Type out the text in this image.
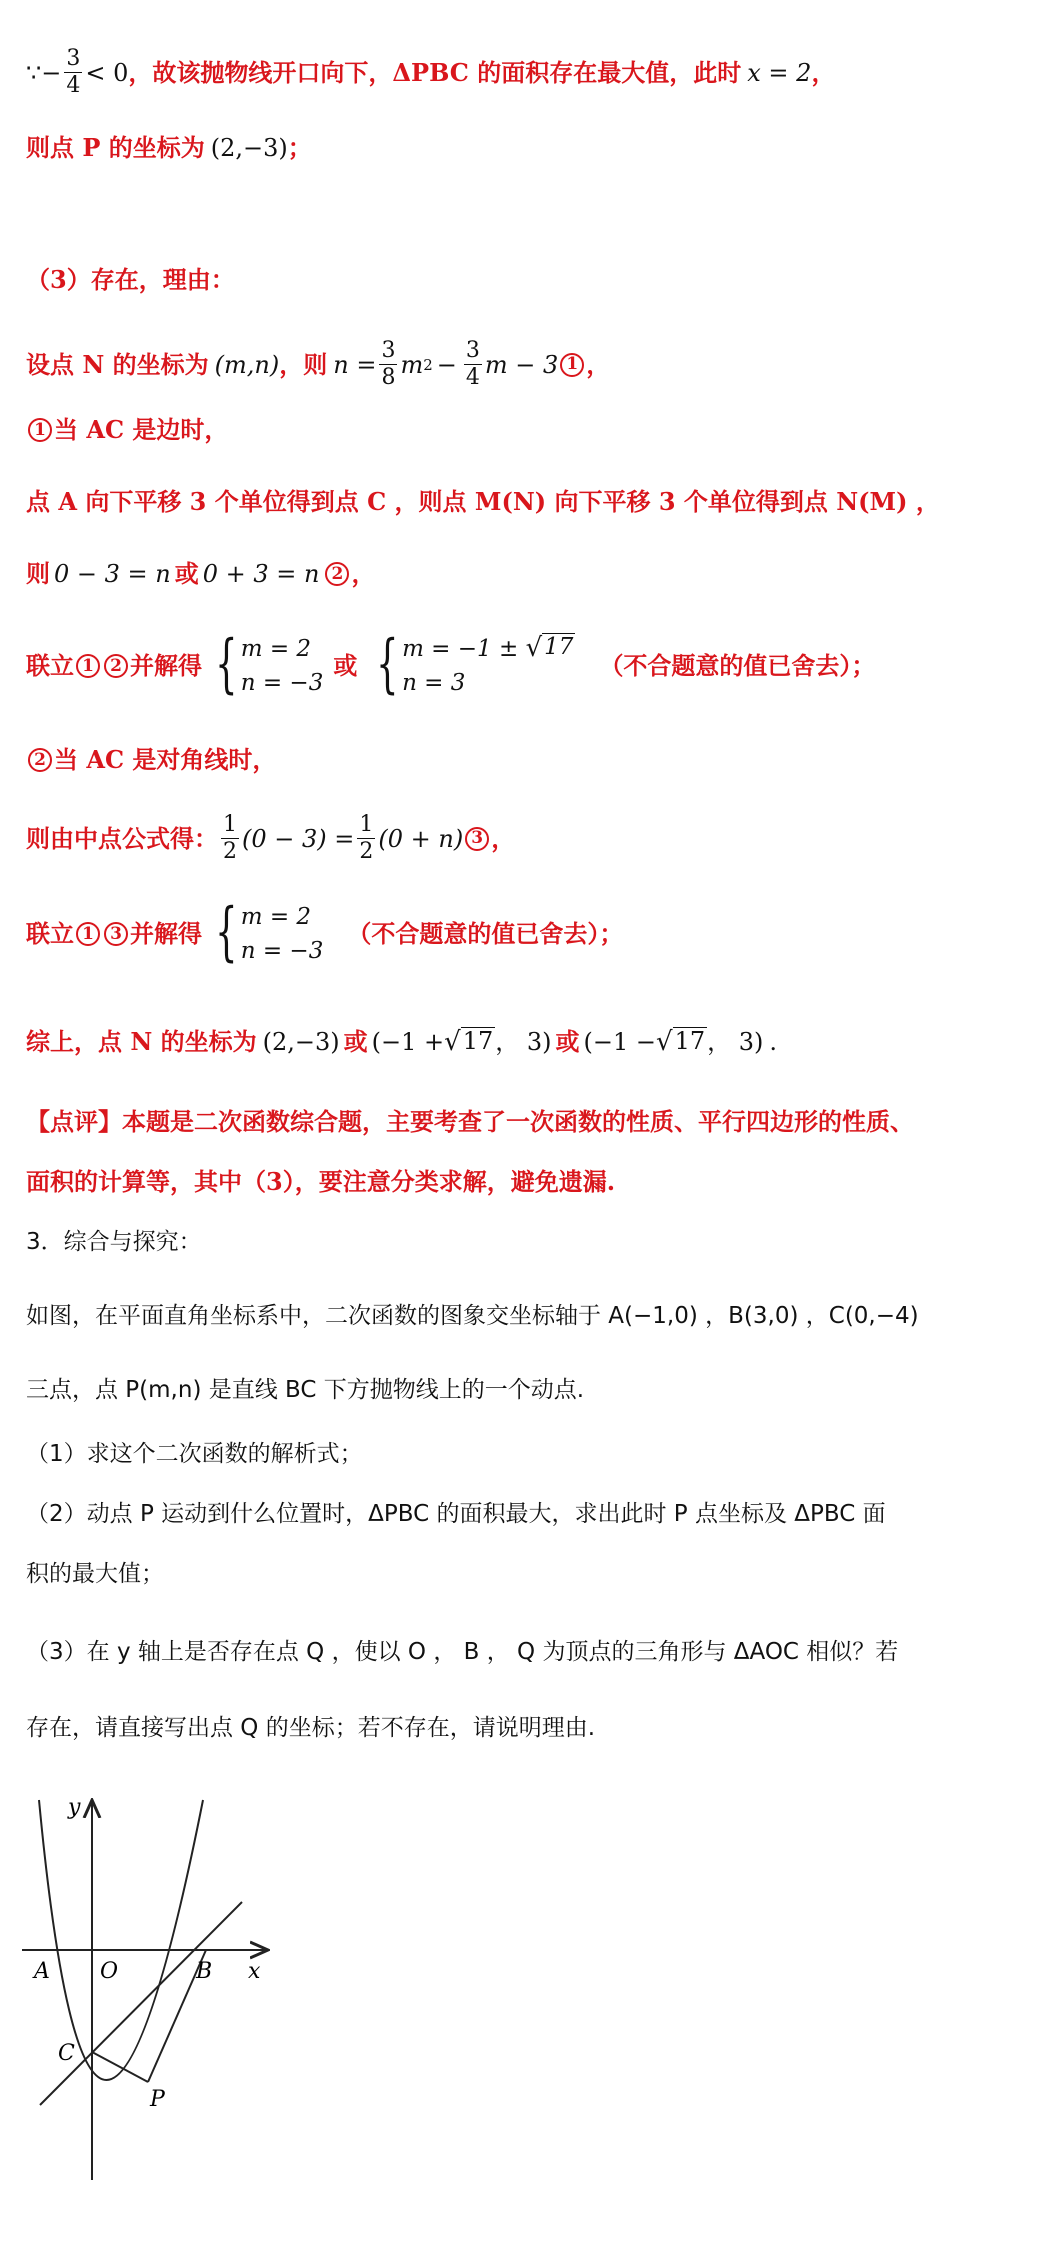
∵ − $\frac{3}{4} < 0$ ，故该抛物线开口向下，ΔPBC 的面积存在最大值，此时 x = 2 ，
则点 P 的坐标为 (2,−3) ；
（3）存在，理由：
设点 N 的坐标为 (m,n) ，则 $n = \frac{3}{8}$ m $2 - \frac{3}{4}$ m − 3 1 ，
1 当 AC 是边时，
点 A 向下平移 3 个单位得到点 C ，则点 M(N) 向下平移 3 个单位得到点 N(M) ，
则 0 − 3 = n 或 0 + 3 = n 2 ，
联立 1 2 并解得 { m = 2
n = −3
或 { m = −1 ± √ 17
n = 3
（不合题意的值已舍去）；
2 当 AC 是对角线时，
则由中点公式得： $\frac{1}{2} (0 - 3) = \frac{1}{2} (0 + n)$ 3 ，
联立 1 3 并解得 { m = 2
n = −3
（不合题意的值已舍去）；
综上，点 N 的坐标为 (2,−3) 或 (−1 + √ 17 ， 3) 或 (−1 − √ 17 ， 3) .
【点评】本题是二次函数综合题，主要考查了一次函数的性质、平行四边形的性质、
面积的计算等，其中（3），要注意分类求解，避免遗漏.
3．综合与探究：
如图，在平面直角坐标系中，二次函数的图象交坐标轴于 A(−1,0) ，B(3,0) ，C(0,−4)
三点，点 P(m,n) 是直线 BC 下方抛物线上的一个动点.
（1）求这个二次函数的解析式；
（2）动点 P 运动到什么位置时，ΔPBC 的面积最大，求出此时 P 点坐标及 ΔPBC 面
积的最大值；
（3）在 y 轴上是否存在点 Q ，使以 O ， B ， Q 为顶点的三角形与 ΔAOC 相似？若
存在，请直接写出点 Q 的坐标；若不存在，请说明理由.
y
x
A O	B
C
P
